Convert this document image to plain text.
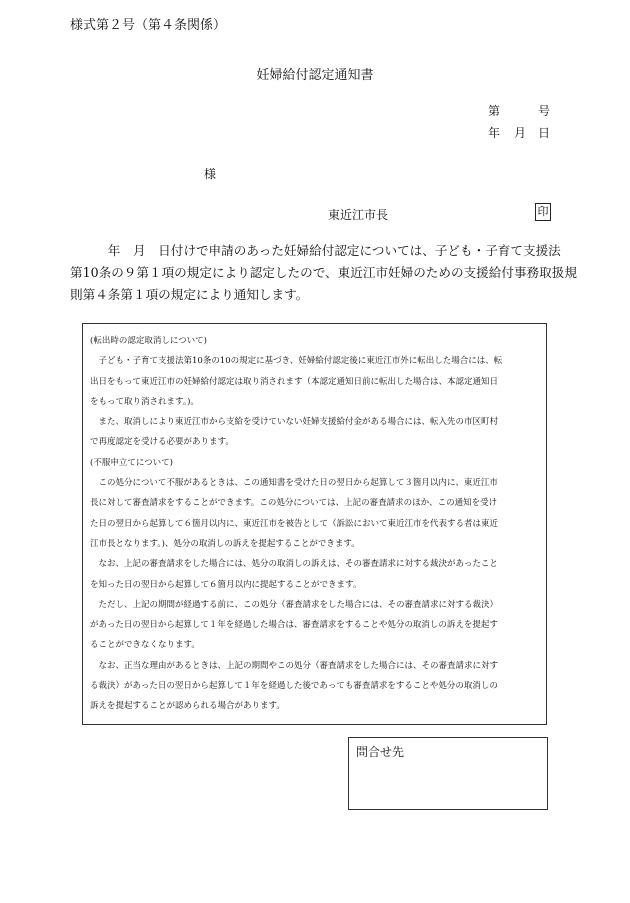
様式第２号（第４条関係）
妊婦給付認定通知書
第	号
年 月 日
様
東近江市長	印
　　　年　月　日付けで申請のあった妊婦給付認定については、子ども・子育て支援法
第10条の９第１項の規定により認定したので、東近江市妊婦のための支援給付事務取扱規
則第４条第１項の規定により通知します。
(転出時の認定取消しについて)
　子ども・子育て支援法第10条の10の規定に基づき、妊婦給付認定後に東近江市外に転出した場合には、転
出日をもって東近江市の妊婦給付認定は取り消されます（本認定通知日前に転出した場合は、本認定通知日
をもって取り消されます。)。
　また、取消しにより東近江市から支給を受けていない妊婦支援給付金がある場合には、転入先の市区町村
で再度認定を受ける必要があります。
(不服申立てについて)
　この処分について不服があるときは、この通知書を受けた日の翌日から起算して３箇月以内に、東近江市
長に対して審査請求をすることができます。この処分については、上記の審査請求のほか、この通知を受け
た日の翌日から起算して６箇月以内に、東近江市を被告として（訴訟において東近江市を代表する者は東近
江市長となります。)、処分の取消しの訴えを提起することができます。
　なお、上記の審査請求をした場合には、処分の取消しの訴えは、その審査請求に対する裁決があったこと
を知った日の翌日から起算して６箇月以内に提起することができます。
　ただし、上記の期間が経過する前に、この処分（審査請求をした場合には、その審査請求に対する裁決）
があった日の翌日から起算して１年を経過した場合は、審査請求をすることや処分の取消しの訴えを提起す
ることができなくなります。
　なお、正当な理由があるときは、上記の期間やこの処分（審査請求をした場合には、その審査請求に対す
る裁決）があった日の翌日から起算して１年を経過した後であっても審査請求をすることや処分の取消しの
訴えを提起することが認められる場合があります。
問合せ先
